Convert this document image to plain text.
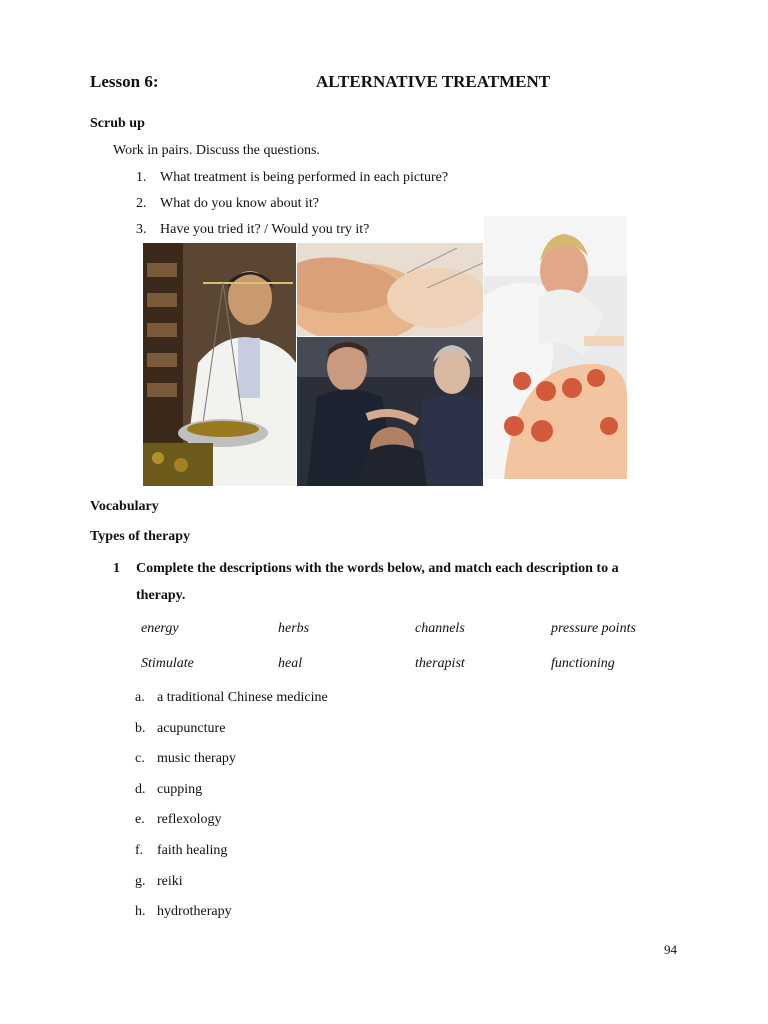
Lesson 6:	ALTERNATIVE TREATMENT
Scrub up
Work in pairs. Discuss the questions.
1. What treatment is being performed in each picture?
2. What do you know about it?
3. Have you tried it? / Would you try it?
Vocabulary
Types of therapy
1 Complete the descriptions with the words below, and match each description to a
therapy.
energy	herbs	channels	pressure points
Stimulate	heal	therapist	functioning
a. a traditional Chinese medicine
b. acupuncture
c. music therapy
d. cupping
e. reflexology
f. faith healing
g. reiki
h. hydrotherapy
94
